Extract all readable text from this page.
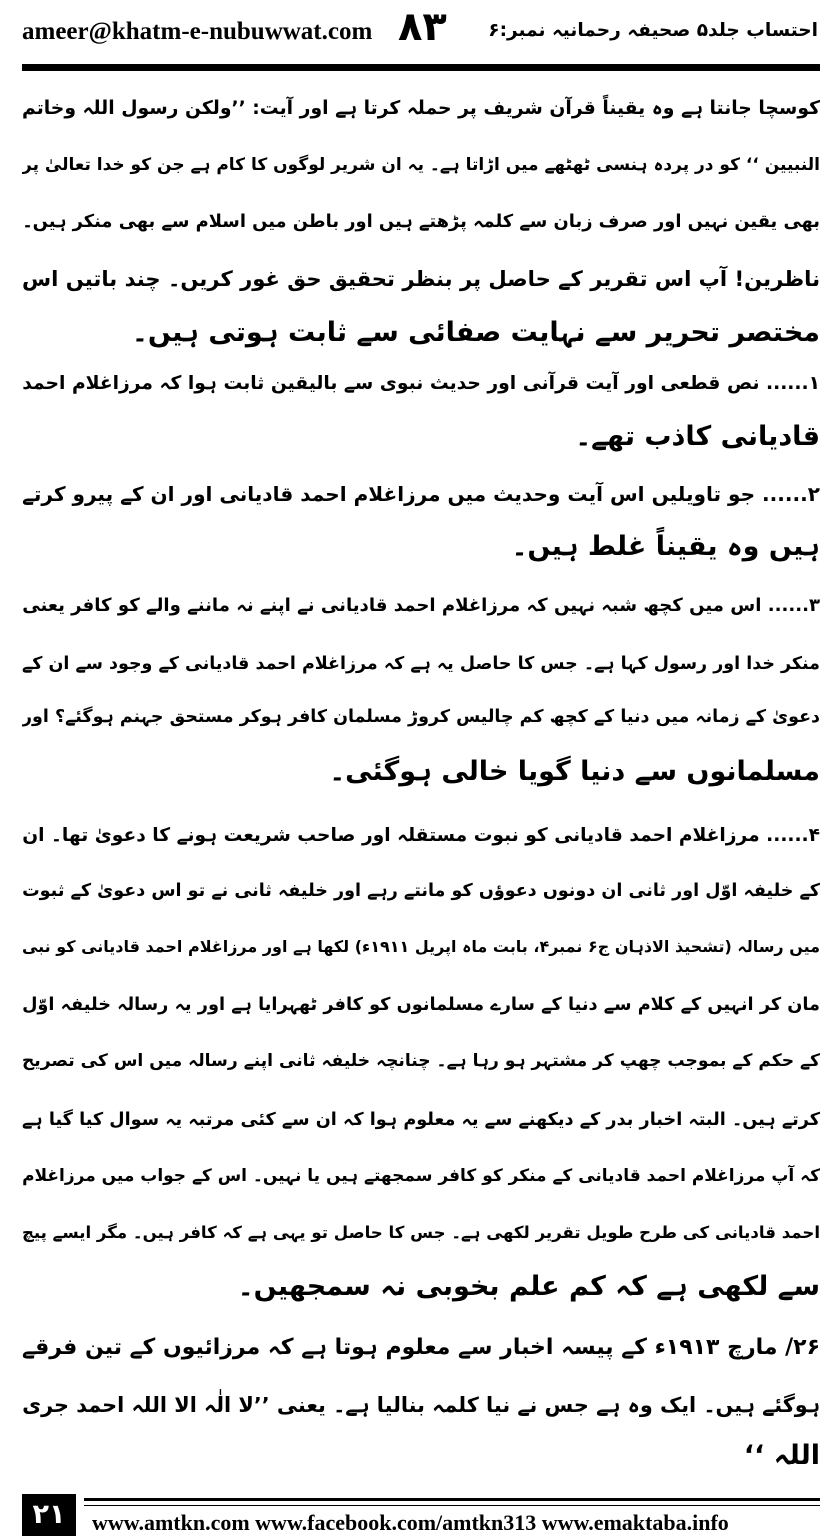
ameer@khatm-e-nubuwwat.com ۸۳ احتساب جلد۵ صحیفہ رحمانیہ نمبر:۶
کوسچا جانتا ہے وہ یقیناً قرآن شریف پر حملہ کرتا ہے اور آیت: ’’ولکن رسول اللہ وخاتم
النبیین ‘‘ کو در پردہ ہنسی ٹھٹھے میں اڑاتا ہے۔ یہ ان شریر لوگوں کا کام ہے جن کو خدا تعالیٰ پر
بھی یقین نہیں اور صرف زبان سے کلمہ پڑھتے ہیں اور باطن میں اسلام سے بھی منکر ہیں۔
ناظرین! آپ اس تقریر کے حاصل پر بنظر تحقیق حق غور کریں۔ چند باتیں اس
مختصر تحریر سے نہایت صفائی سے ثابت ہوتی ہیں۔
۱...... نص قطعی اور آیت قرآنی اور حدیث نبوی سے بالیقین ثابت ہوا کہ مرزاغلام احمد
قادیانی کاذب تھے۔
۲...... جو تاویلیں اس آیت وحدیث میں مرزاغلام احمد قادیانی اور ان کے پیرو کرتے
ہیں وہ یقیناً غلط ہیں۔
۳...... اس میں کچھ شبہ نہیں کہ مرزاغلام احمد قادیانی نے اپنے نہ ماننے والے کو کافر یعنی
منکر خدا اور رسول کہا ہے۔ جس کا حاصل یہ ہے کہ مرزاغلام احمد قادیانی کے وجود سے ان کے
دعویٰ کے زمانہ میں دنیا کے کچھ کم چالیس کروڑ مسلمان کافر ہوکر مستحق جہنم ہوگئے؟ اور
مسلمانوں سے دنیا گویا خالی ہوگئی۔
۴...... مرزاغلام احمد قادیانی کو نبوت مستقلہ اور صاحب شریعت ہونے کا دعویٰ تھا۔ ان
کے خلیفہ اوّل اور ثانی ان دونوں دعوؤں کو مانتے رہے اور خلیفہ ثانی نے تو اس دعویٰ کے ثبوت
میں رسالہ (تشحیذ الاذہان ج۶ نمبر۴، بابت ماہ اپریل ۱۹۱۱ء) لکھا ہے اور مرزاغلام احمد قادیانی کو نبی
مان کر انہیں کے کلام سے دنیا کے سارے مسلمانوں کو کافر ٹھہرایا ہے اور یہ رسالہ خلیفہ اوّل
کے حکم کے بموجب چھپ کر مشتہر ہو رہا ہے۔ چنانچہ خلیفہ ثانی اپنے رسالہ میں اس کی تصریح
کرتے ہیں۔ البتہ اخبار بدر کے دیکھنے سے یہ معلوم ہوا کہ ان سے کئی مرتبہ یہ سوال کیا گیا ہے
کہ آپ مرزاغلام احمد قادیانی کے منکر کو کافر سمجھتے ہیں یا نہیں۔ اس کے جواب میں مرزاغلام
احمد قادیانی کی طرح طویل تقریر لکھی ہے۔ جس کا حاصل تو یہی ہے کہ کافر ہیں۔ مگر ایسے پیچ
سے لکھی ہے کہ کم علم بخوبی نہ سمجھیں۔
۲۶/ مارچ ۱۹۱۳ء کے پیسہ اخبار سے معلوم ہوتا ہے کہ مرزائیوں کے تین فرقے
ہوگئے ہیں۔ ایک وہ ہے جس نے نیا کلمہ بنالیا ہے۔ یعنی ’’لا الٰہ الا اللہ احمد جری
اللہ ‘‘
۲۱	www.amtkn.com www.facebook.com/amtkn313 www.emaktaba.info
